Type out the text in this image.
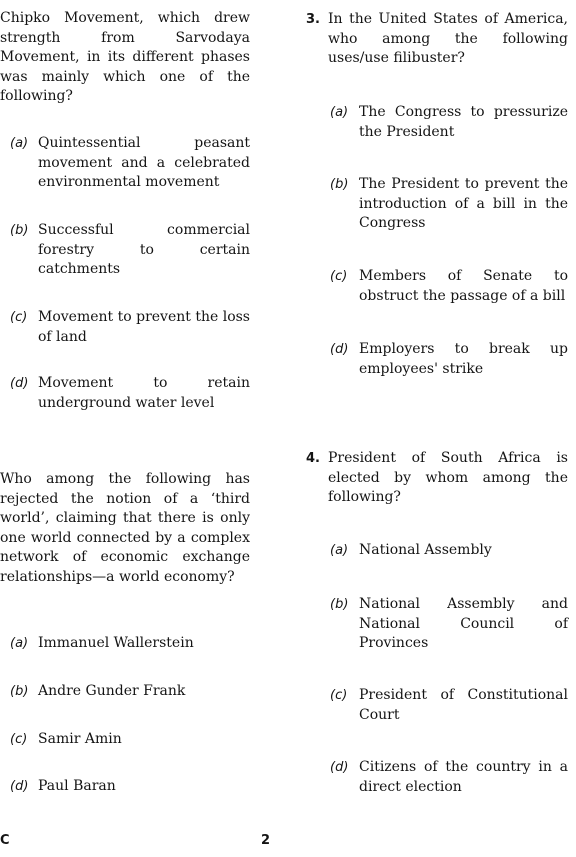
Chipko Movement, which drew strength from Sarvodaya Movement, in its different phases was mainly which one of the following?

(a) Quintessential peasant movement and a celebrated environmental movement
(b) Successful commercial forestry to certain catchments
(c) Movement to prevent the loss of land
(d) Movement to retain underground water level

Who among the following has rejected the notion of a ‘third world’, claiming that there is only one world connected by a complex network of economic exchange relationships—a world economy?

(a) Immanuel Wallerstein
(b) Andre Gunder Frank
(c) Samir Amin
(d) Paul Baran
3. In the United States of America, who among the following uses/use filibuster?

(a) The Congress to pressurize the President
(b) The President to prevent the introduction of a bill in the Congress
(c) Members of Senate to obstruct the passage of a bill
(d) Employers to break up employees' strike
4. President of South Africa is elected by whom among the following?

(a) National Assembly
(b) National Assembly and National Council of Provinces
(c) President of Constitutional Court
(d) Citizens of the country in a direct election
C	2
